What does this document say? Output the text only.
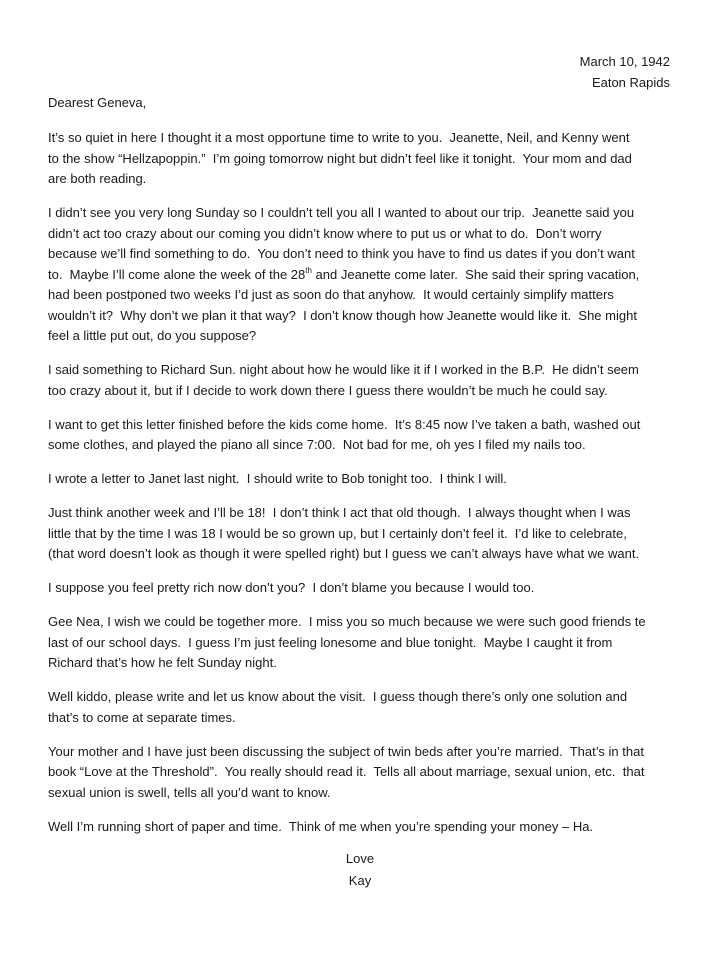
March 10, 1942
Eaton Rapids
Dearest Geneva,
It’s so quiet in here I thought it a most opportune time to write to you.  Jeanette, Neil, and Kenny went
to the show “Hellzapoppin.”  I’m going tomorrow night but didn’t feel like it tonight.  Your mom and dad
are both reading.
I didn’t see you very long Sunday so I couldn’t tell you all I wanted to about our trip.  Jeanette said you
didn’t act too crazy about our coming you didn’t know where to put us or what to do.  Don’t worry
because we’ll find something to do.  You don’t need to think you have to find us dates if you don’t want
to.  Maybe I’ll come alone the week of the 28th and Jeanette come later.  She said their spring vacation,
had been postponed two weeks I’d just as soon do that anyhow.  It would certainly simplify matters
wouldn’t it?  Why don’t we plan it that way?  I don’t know though how Jeanette would like it.  She might
feel a little put out, do you suppose?
I said something to Richard Sun. night about how he would like it if I worked in the B.P.  He didn’t seem
too crazy about it, but if I decide to work down there I guess there wouldn’t be much he could say.
I want to get this letter finished before the kids come home.  It’s 8:45 now I’ve taken a bath, washed out
some clothes, and played the piano all since 7:00.  Not bad for me, oh yes I filed my nails too.
I wrote a letter to Janet last night.  I should write to Bob tonight too.  I think I will.
Just think another week and I’ll be 18!  I don’t think I act that old though.  I always thought when I was
little that by the time I was 18 I would be so grown up, but I certainly don’t feel it.  I’d like to celebrate,
(that word doesn’t look as though it were spelled right) but I guess we can’t always have what we want.
I suppose you feel pretty rich now don’t you?  I don’t blame you because I would too.
Gee Nea, I wish we could be together more.  I miss you so much because we were such good friends te
last of our school days.  I guess I’m just feeling lonesome and blue tonight.  Maybe I caught it from
Richard that’s how he felt Sunday night.
Well kiddo, please write and let us know about the visit.  I guess though there’s only one solution and
that’s to come at separate times.
Your mother and I have just been discussing the subject of twin beds after you’re married.  That’s in that
book “Love at the Threshold”.  You really should read it.  Tells all about marriage, sexual union, etc.  that
sexual union is swell, tells all you’d want to know.
Well I’m running short of paper and time.  Think of me when you’re spending your money – Ha.
Love
Kay
